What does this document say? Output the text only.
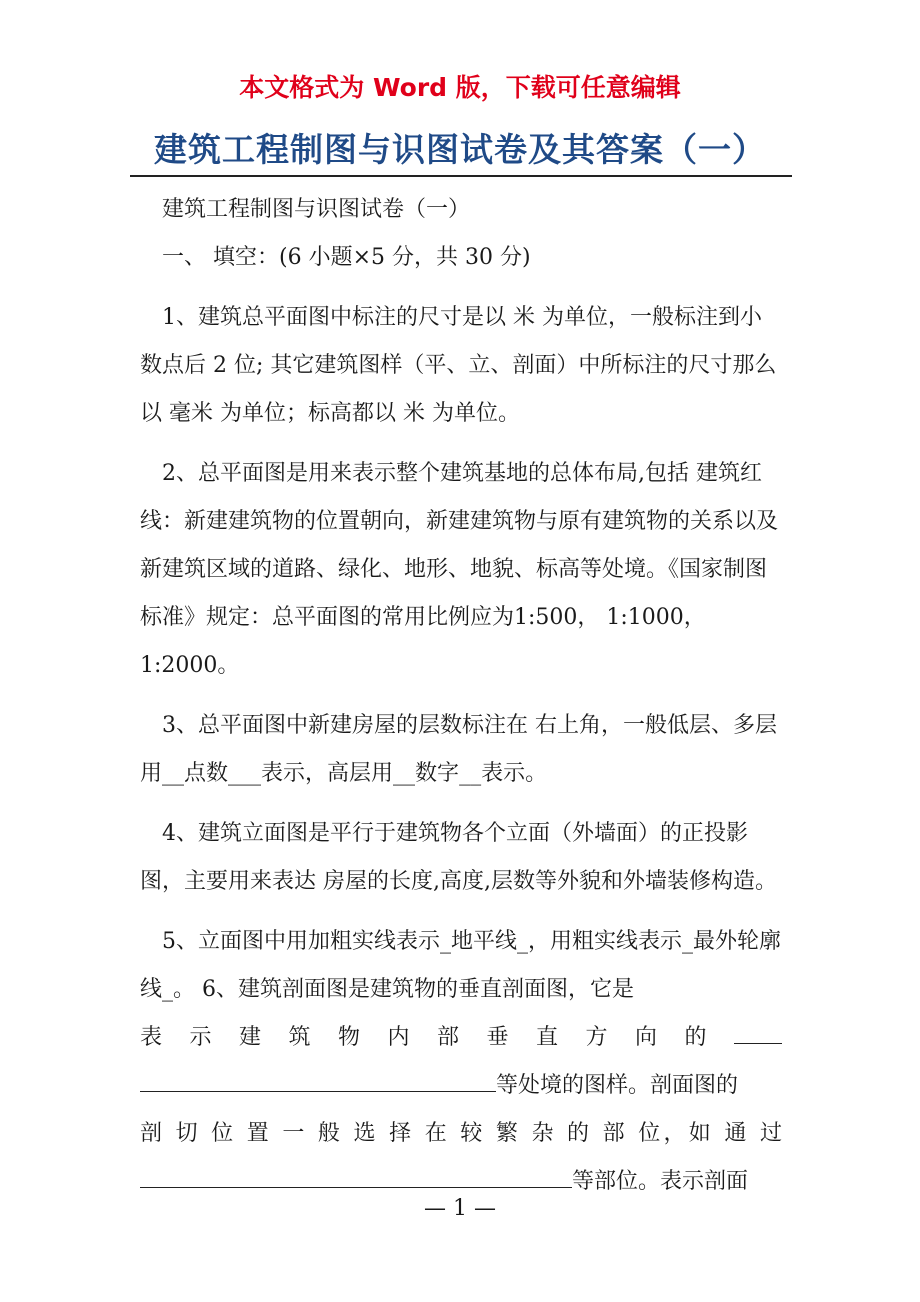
本文格式为 Word 版，下载可任意编辑
建筑工程制图与识图试卷及其答案（一）

建筑工程制图与识图试卷（一）

一、 填空：(6 小题×5 分，共 30 分)

1、建筑总平面图中标注的尺寸是以 米 为单位，一般标注到小数点后 2 位; 其它建筑图样（平、立、剖面）中所标注的尺寸那么以 毫米 为单位；标高都以 米 为单位。

2、总平面图是用来表示整个建筑基地的总体布局,包括 建筑红线：新建建筑物的位置朝向，新建建筑物与原有建筑物的关系以及新建筑区域的道路、绿化、地形、地貌、标高等处境。《国家制图标准》规定：总平面图的常用比例应为1:500， 1:1000， 1:2000。

3、总平面图中新建房屋的层数标注在 右上角，一般低层、多层用__点数___表示，高层用__数字__表示。

4、建筑立面图是平行于建筑物各个立面（外墙面）的正投影图，主要用来表达 房屋的长度,高度,层数等外貌和外墙装修构造。

5、立面图中用加粗实线表示_地平线_，用粗实线表示_最外轮廓线_。 6、建筑剖面图是建筑物的垂直剖面图，它是

表 示 建 筑 物 内 部 垂 直 方 向 的

等处境的图样。剖面图的

剖 切 位 置 一 般 选 择 在 较 繁 杂 的 部 位，如 通 过

等部位。表示剖面

— 1 —
